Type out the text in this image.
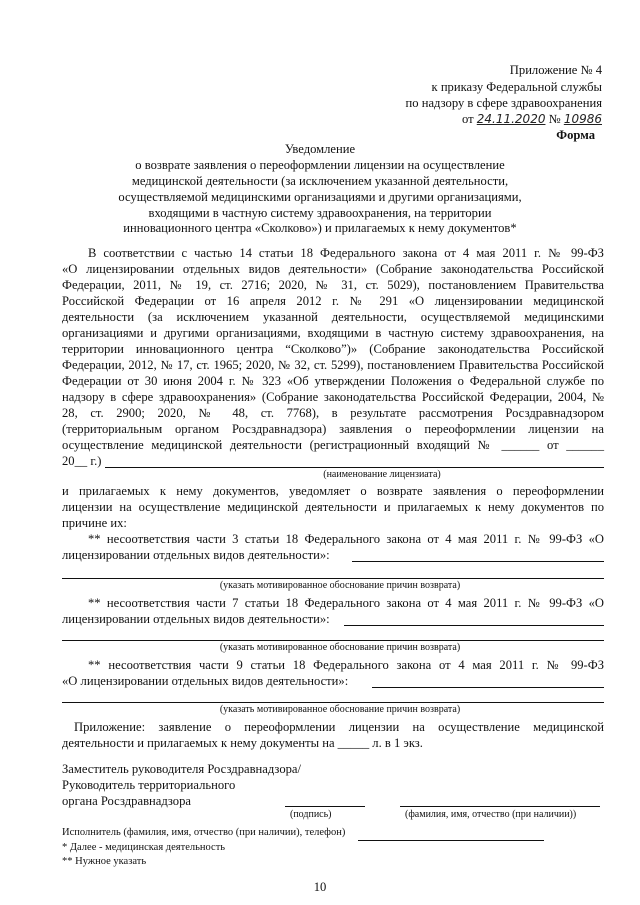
Приложение № 4
к приказу Федеральной службы
по надзору в сфере здравоохранения
от 24.11.2020 № 10986
Форма
Уведомление
о возврате заявления о переоформлении лицензии на осуществление
медицинской деятельности (за исключением указанной деятельности,
осуществляемой медицинскими организациями и другими организациями,
входящими в частную систему здравоохранения, на территории
инновационного центра «Сколково») и прилагаемых к нему документов*
В соответствии с частью 14 статьи 18 Федерального закона от 4 мая 2011 г. № 99-ФЗ
«О лицензировании отдельных видов деятельности» (Собрание законодательства Российской
Федерации, 2011, № 19, ст. 2716; 2020, № 31, ст. 5029), постановлением Правительства
Российской Федерации от 16 апреля 2012 г. № 291 «О лицензировании медицинской
деятельности (за исключением указанной деятельности, осуществляемой медицинскими
организациями и другими организациями, входящими в частную систему здравоохранения, на
территории инновационного центра “Сколково”)» (Собрание законодательства Российской
Федерации, 2012, № 17, ст. 1965; 2020, № 32, ст. 5299), постановлением Правительства Российской
Федерации от 30 июня 2004 г. № 323 «Об утверждении Положения о Федеральной службе по
надзору в сфере здравоохранения» (Собрание законодательства Российской Федерации, 2004, №
28, ст. 2900; 2020, № 48, ст. 7768), в результате рассмотрения Росздравнадзором
(территориальным органом Росздравнадзора) заявления о переоформлении лицензии на
осуществление медицинской деятельности (регистрационный входящий № ______ от ______
20__ г.)
(наименование лицензиата)
и прилагаемых к нему документов, уведомляет о возврате заявления о переоформлении
лицензии на осуществление медицинской деятельности и прилагаемых к нему документов по
причине их:
** несоответствия части 3 статьи 18 Федерального закона от 4 мая 2011 г. № 99-ФЗ «О
лицензировании отдельных видов деятельности»:
(указать мотивированное обоснование причин возврата)
** несоответствия части 7 статьи 18 Федерального закона от 4 мая 2011 г. № 99-ФЗ «О
лицензировании отдельных видов деятельности»:
(указать мотивированное обоснование причин возврата)
** несоответствия части 9 статьи 18 Федерального закона от 4 мая 2011 г. № 99-ФЗ
«О лицензировании отдельных видов деятельности»:
(указать мотивированное обоснование причин возврата)
Приложение: заявление о переоформлении лицензии на осуществление медицинской
деятельности и прилагаемых к нему документы на _____ л. в 1 экз.
Заместитель руководителя Росздравнадзора/
Руководитель территориального
органа Росздравнадзора
(подпись)	(фамилия, имя, отчество (при наличии))
Исполнитель (фамилия, имя, отчество (при наличии), телефон)
* Далее - медицинская деятельность
** Нужное указать
10
